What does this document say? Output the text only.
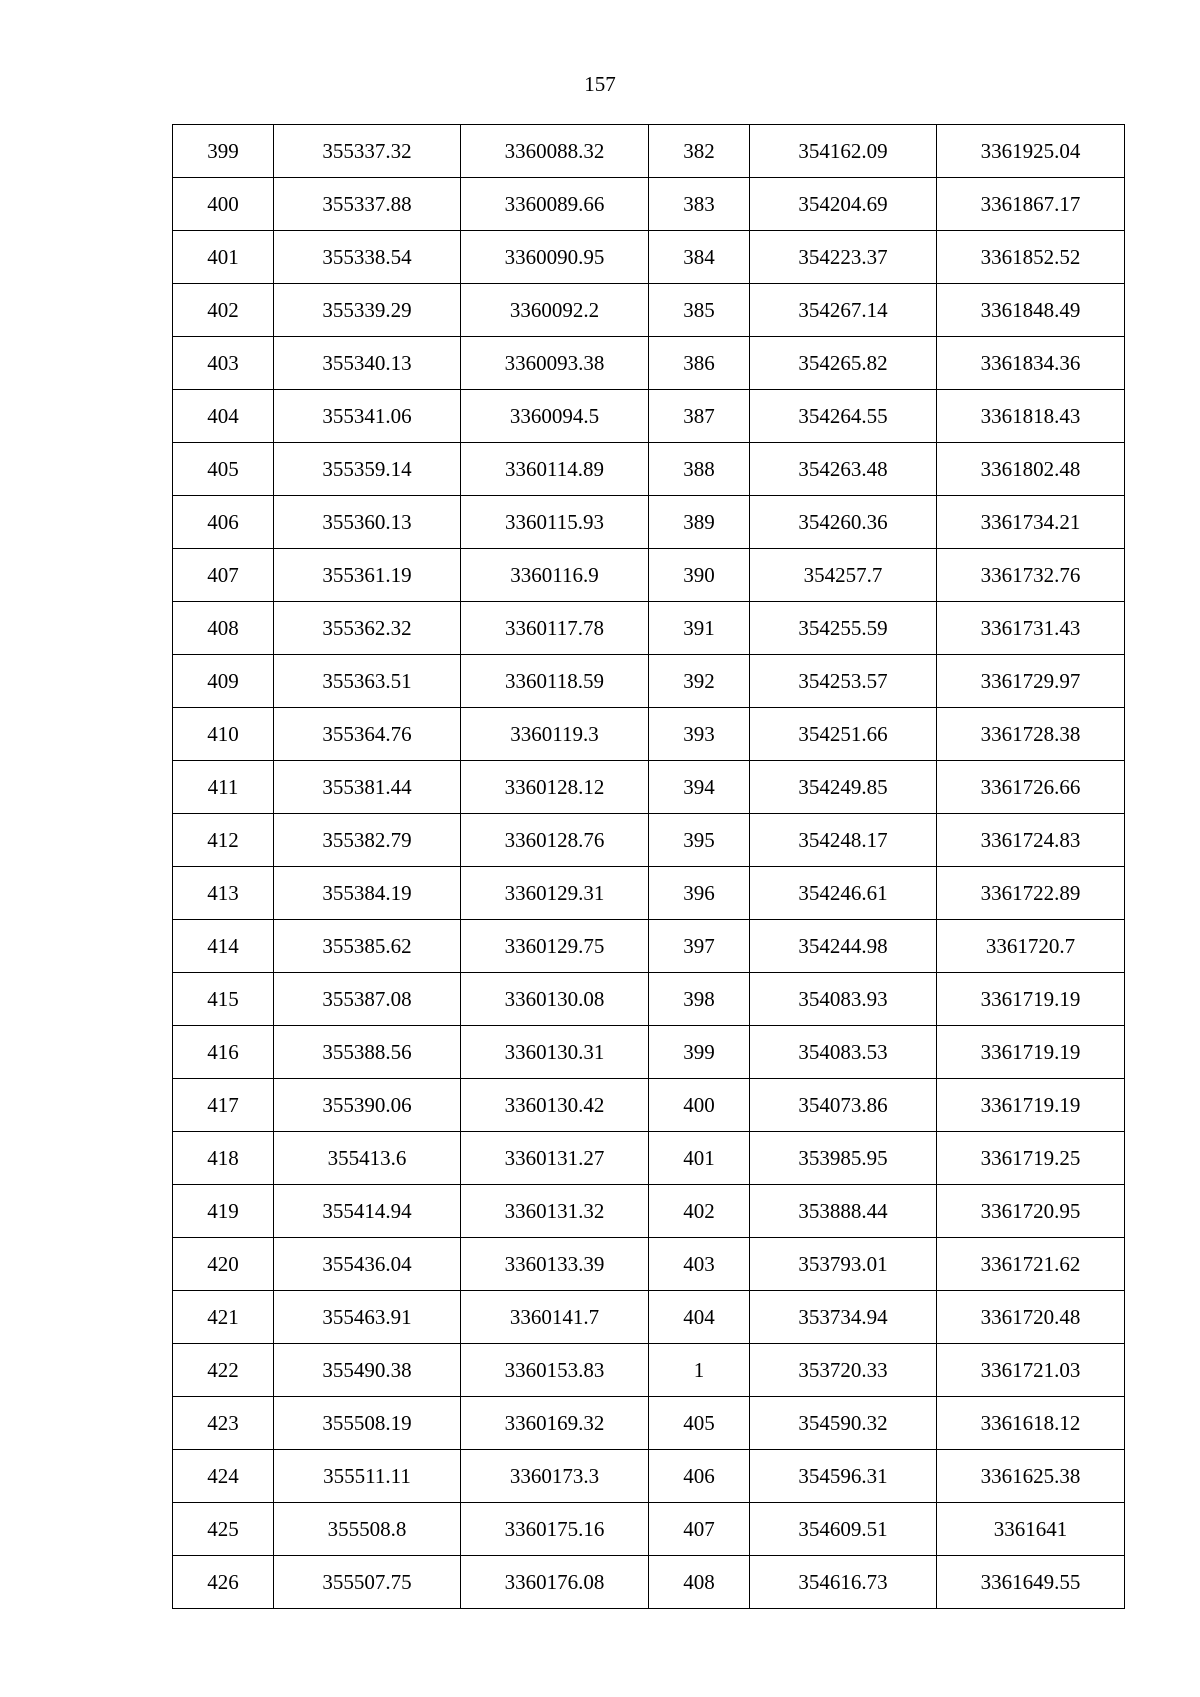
157
399	355337.32	3360088.32	382	354162.09	3361925.04
400	355337.88	3360089.66	383	354204.69	3361867.17
401	355338.54	3360090.95	384	354223.37	3361852.52
402	355339.29	3360092.2	385	354267.14	3361848.49
403	355340.13	3360093.38	386	354265.82	3361834.36
404	355341.06	3360094.5	387	354264.55	3361818.43
405	355359.14	3360114.89	388	354263.48	3361802.48
406	355360.13	3360115.93	389	354260.36	3361734.21
407	355361.19	3360116.9	390	354257.7	3361732.76
408	355362.32	3360117.78	391	354255.59	3361731.43
409	355363.51	3360118.59	392	354253.57	3361729.97
410	355364.76	3360119.3	393	354251.66	3361728.38
411	355381.44	3360128.12	394	354249.85	3361726.66
412	355382.79	3360128.76	395	354248.17	3361724.83
413	355384.19	3360129.31	396	354246.61	3361722.89
414	355385.62	3360129.75	397	354244.98	3361720.7
415	355387.08	3360130.08	398	354083.93	3361719.19
416	355388.56	3360130.31	399	354083.53	3361719.19
417	355390.06	3360130.42	400	354073.86	3361719.19
418	355413.6	3360131.27	401	353985.95	3361719.25
419	355414.94	3360131.32	402	353888.44	3361720.95
420	355436.04	3360133.39	403	353793.01	3361721.62
421	355463.91	3360141.7	404	353734.94	3361720.48
422	355490.38	3360153.83	1	353720.33	3361721.03
423	355508.19	3360169.32	405	354590.32	3361618.12
424	355511.11	3360173.3	406	354596.31	3361625.38
425	355508.8	3360175.16	407	354609.51	3361641
426	355507.75	3360176.08	408	354616.73	3361649.55
